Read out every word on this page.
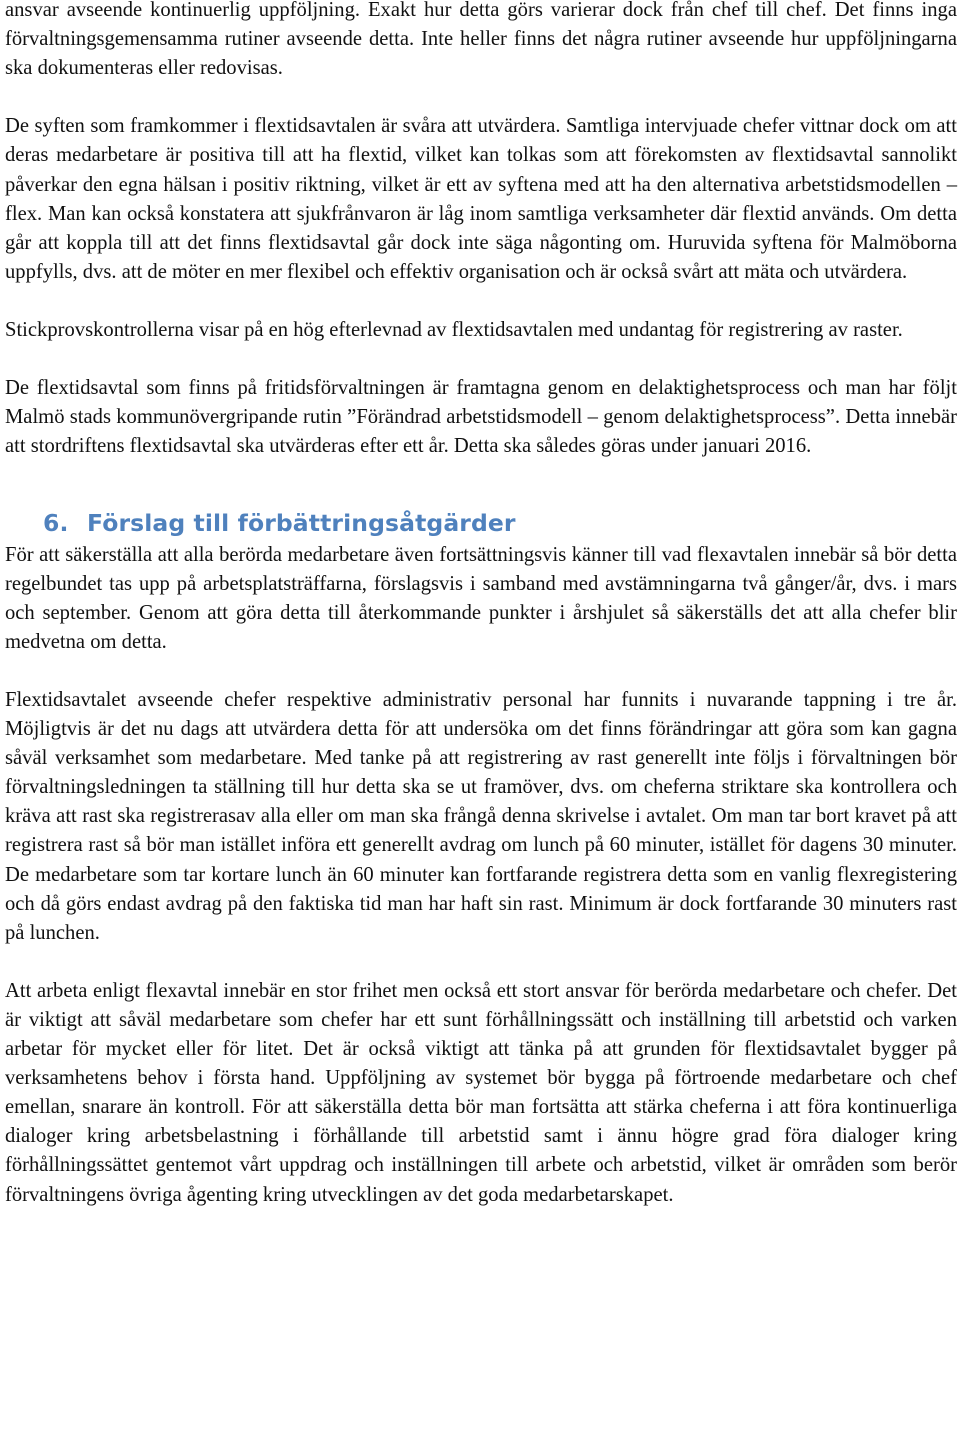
ansvar avseende kontinuerlig uppföljning. Exakt hur detta görs varierar dock från chef till chef. Det finns inga förvaltningsgemensamma rutiner avseende detta. Inte heller finns det några rutiner avseende hur uppföljningarna ska dokumenteras eller redovisas.

De syften som framkommer i flextidsavtalen är svåra att utvärdera. Samtliga intervjuade chefer vittnar dock om att deras medarbetare är positiva till att ha flextid, vilket kan tolkas som att förekomsten av flextidsavtal sannolikt påverkar den egna hälsan i positiv riktning, vilket är ett av syftena med att ha den alternativa arbetstidsmodellen –flex. Man kan också konstatera att sjukfrånvaron är låg inom samtliga verksamheter där flextid används. Om detta går att koppla till att det finns flextidsavtal går dock inte säga någonting om. Huruvida syftena för Malmöborna uppfylls, dvs. att de möter en mer flexibel och effektiv organisation och är också svårt att mäta och utvärdera.

Stickprovskontrollerna visar på en hög efterlevnad av flextidsavtalen med undantag för registrering av raster.

De flextidsavtal som finns på fritidsförvaltningen är framtagna genom en delaktighetsprocess och man har följt Malmö stads kommunövergripande rutin ”Förändrad arbetstidsmodell – genom delaktighetsprocess”. Detta innebär att stordriftens flextidsavtal ska utvärderas efter ett år. Detta ska således göras under januari 2016.

6. Förslag till förbättringsåtgärder

För att säkerställa att alla berörda medarbetare även fortsättningsvis känner till vad flexavtalen innebär så bör detta regelbundet tas upp på arbetsplatsträffarna, förslagsvis i samband med avstämningarna två gånger/år, dvs. i mars och september. Genom att göra detta till återkommande punkter i årshjulet så säkerställs det att alla chefer blir medvetna om detta.

Flextidsavtalet avseende chefer respektive administrativ personal har funnits i nuvarande tappning i tre år. Möjligtvis är det nu dags att utvärdera detta för att undersöka om det finns förändringar att göra som kan gagna såväl verksamhet som medarbetare. Med tanke på att registrering av rast generellt inte följs i förvaltningen bör förvaltningsledningen ta ställning till hur detta ska se ut framöver, dvs. om cheferna striktare ska kontrollera och kräva att rast ska registrerasav alla eller om man ska frångå denna skrivelse i avtalet. Om man tar bort kravet på att registrera rast så bör man istället införa ett generellt avdrag om lunch på 60 minuter, istället för dagens 30 minuter. De medarbetare som tar kortare lunch än 60 minuter kan fortfarande registrera detta som en vanlig flexregistering och då görs endast avdrag på den faktiska tid man har haft sin rast. Minimum är dock fortfarande 30 minuters rast på lunchen.

Att arbeta enligt flexavtal innebär en stor frihet men också ett stort ansvar för berörda medarbetare och chefer. Det är viktigt att såväl medarbetare som chefer har ett sunt förhållningssätt och inställning till arbetstid och varken arbetar för mycket eller för litet. Det är också viktigt att tänka på att grunden för flextidsavtalet bygger på verksamhetens behov i första hand. Uppföljning av systemet bör bygga på förtroende medarbetare och chef emellan, snarare än kontroll. För att säkerställa detta bör man fortsätta att stärka cheferna i att föra kontinuerliga dialoger kring arbetsbelastning i förhållande till arbetstid samt i ännu högre grad föra dialoger kring förhållningssättet gentemot vårt uppdrag och inställningen till arbete och arbetstid, vilket är områden som berör förvaltningens övriga ågenting kring utvecklingen av det goda medarbetarskapet.
